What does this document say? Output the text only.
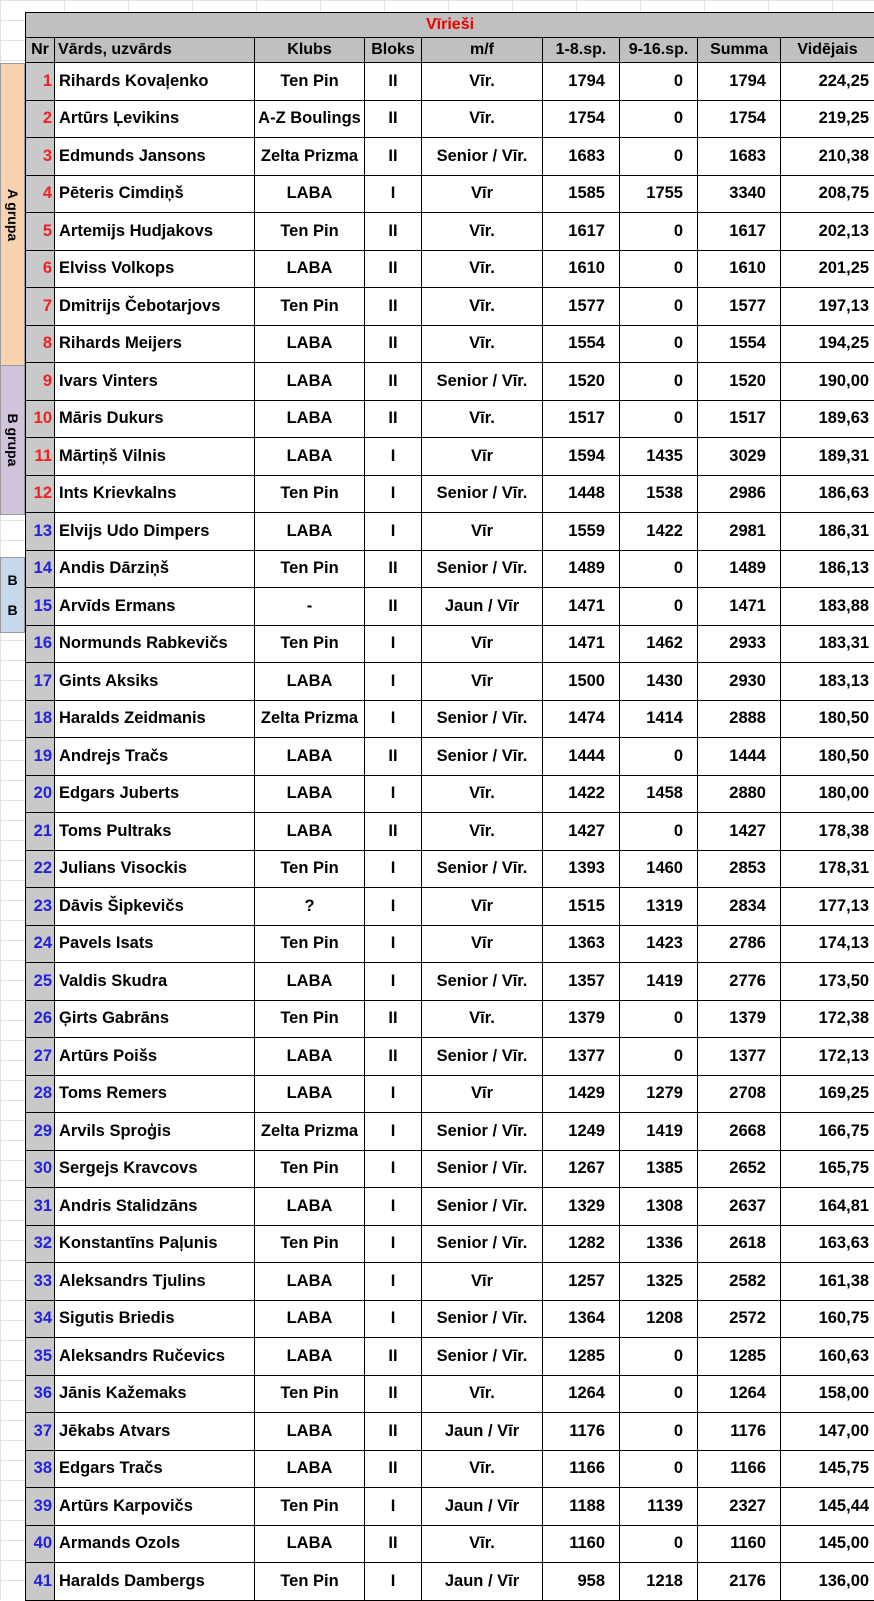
A grupa
B grupa
B
B
Vīrieši								
Nr	Vārds, uzvārds	Klubs	Bloks	m/f	1-8.sp.	9-16.sp.	Summa	Vidējais
1	Rihards Kovaļenko	Ten Pin	II	Vīr.	1794	0	1794	224,25
2	Artūrs Ļevikins	A-Z Boulings	II	Vīr.	1754	0	1754	219,25
3	Edmunds Jansons	Zelta Prizma	II	Senior / Vīr.	1683	0	1683	210,38
4	Pēteris Cimdiņš	LABA	I	Vīr	1585	1755	3340	208,75
5	Artemijs Hudjakovs	Ten Pin	II	Vīr.	1617	0	1617	202,13
6	Elviss Volkops	LABA	II	Vīr.	1610	0	1610	201,25
7	Dmitrijs Čebotarjovs	Ten Pin	II	Vīr.	1577	0	1577	197,13
8	Rihards Meijers	LABA	II	Vīr.	1554	0	1554	194,25
9	Ivars Vinters	LABA	II	Senior / Vīr.	1520	0	1520	190,00
10	Māris Dukurs	LABA	II	Vīr.	1517	0	1517	189,63
11	Mārtiņš Vilnis	LABA	I	Vīr	1594	1435	3029	189,31
12	Ints Krievkalns	Ten Pin	I	Senior / Vīr.	1448	1538	2986	186,63
13	Elvijs Udo Dimpers	LABA	I	Vīr	1559	1422	2981	186,31
14	Andis Dārziņš	Ten Pin	II	Senior / Vīr.	1489	0	1489	186,13
15	Arvīds Ermans	-	II	Jaun / Vīr	1471	0	1471	183,88
16	Normunds Rabkevičs	Ten Pin	I	Vīr	1471	1462	2933	183,31
17	Gints Aksiks	LABA	I	Vīr	1500	1430	2930	183,13
18	Haralds Zeidmanis	Zelta Prizma	I	Senior / Vīr.	1474	1414	2888	180,50
19	Andrejs Tračs	LABA	II	Senior / Vīr.	1444	0	1444	180,50
20	Edgars Juberts	LABA	I	Vīr.	1422	1458	2880	180,00
21	Toms Pultraks	LABA	II	Vīr.	1427	0	1427	178,38
22	Julians Visockis	Ten Pin	I	Senior / Vīr.	1393	1460	2853	178,31
23	Dāvis Šipkevičs	?	I	Vīr	1515	1319	2834	177,13
24	Pavels Isats	Ten Pin	I	Vīr	1363	1423	2786	174,13
25	Valdis Skudra	LABA	I	Senior / Vīr.	1357	1419	2776	173,50
26	Ģirts Gabrāns	Ten Pin	II	Vīr.	1379	0	1379	172,38
27	Artūrs Poišs	LABA	II	Senior / Vīr.	1377	0	1377	172,13
28	Toms Remers	LABA	I	Vīr	1429	1279	2708	169,25
29	Arvils Sproģis	Zelta Prizma	I	Senior / Vīr.	1249	1419	2668	166,75
30	Sergejs Kravcovs	Ten Pin	I	Senior / Vīr.	1267	1385	2652	165,75
31	Andris Stalidzāns	LABA	I	Senior / Vīr.	1329	1308	2637	164,81
32	Konstantīns Paļunis	Ten Pin	I	Senior / Vīr.	1282	1336	2618	163,63
33	Aleksandrs Tjulins	LABA	I	Vīr	1257	1325	2582	161,38
34	Sigutis Briedis	LABA	I	Senior / Vīr.	1364	1208	2572	160,75
35	Aleksandrs Ručevics	LABA	II	Senior / Vīr.	1285	0	1285	160,63
36	Jānis Kažemaks	Ten Pin	II	Vīr.	1264	0	1264	158,00
37	Jēkabs Atvars	LABA	II	Jaun / Vīr	1176	0	1176	147,00
38	Edgars Tračs	LABA	II	Vīr.	1166	0	1166	145,75
39	Artūrs Karpovičs	Ten Pin	I	Jaun / Vīr	1188	1139	2327	145,44
40	Armands Ozols	LABA	II	Vīr.	1160	0	1160	145,00
41	Haralds Dambergs	Ten Pin	I	Jaun / Vīr	958	1218	2176	136,00
